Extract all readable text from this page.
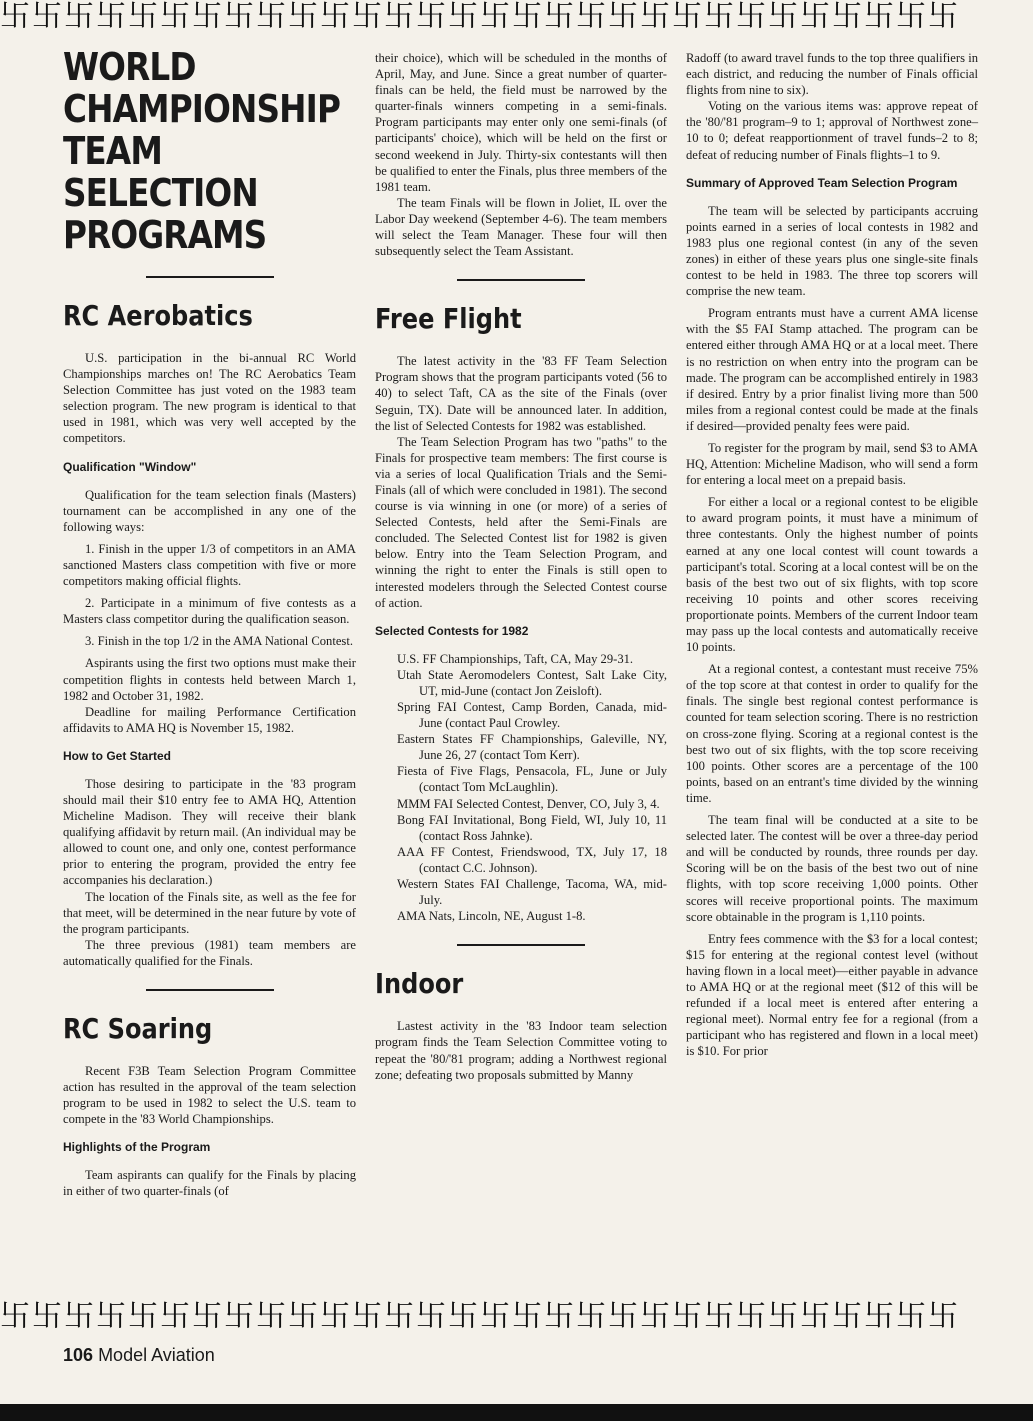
卐卐卐卐卐卐卐卐卐卐卐卐卐卐卐卐卐卐卐卐卐卐卐卐卐卐卐卐卐卐
WORLD CHAMPIONSHIP TEAM SELECTION PROGRAMS
RC Aerobatics

U.S. participation in the bi-annual RC World Championships marches on! The RC Aerobatics Team Selection Committee has just voted on the 1983 team selection program. The new program is identical to that used in 1981, which was very well accepted by the competitors.

Qualification "Window"

Qualification for the team selection finals (Masters) tournament can be accomplished in any one of the following ways:

1. Finish in the upper 1/3 of competitors in an AMA sanctioned Masters class competition with five or more competitors making official flights.

2. Participate in a minimum of five contests as a Masters class competitor during the qualification season.

3. Finish in the top 1/2 in the AMA National Contest.

Aspirants using the first two options must make their competition flights in contests held between March 1, 1982 and October 31, 1982.

Deadline for mailing Performance Certification affidavits to AMA HQ is November 15, 1982.

How to Get Started

Those desiring to participate in the '83 program should mail their $10 entry fee to AMA HQ, Attention Micheline Madison. They will receive their blank qualifying affidavit by return mail. (An individual may be allowed to count one, and only one, contest performance prior to entering the program, provided the entry fee accompanies his declaration.)

The location of the Finals site, as well as the fee for that meet, will be determined in the near future by vote of the program participants.

The three previous (1981) team members are automatically qualified for the Finals.

RC Soaring

Recent F3B Team Selection Program Committee action has resulted in the approval of the team selection program to be used in 1982 to select the U.S. team to compete in the '83 World Championships.

Highlights of the Program

Team aspirants can qualify for the Finals by placing in either of two quarter-finals (of

their choice), which will be scheduled in the months of April, May, and June. Since a great number of quarter-finals can be held, the field must be narrowed by the quarter-finals winners competing in a semi-finals. Program participants may enter only one semi-finals (of participants' choice), which will be held on the first or second weekend in July. Thirty-six contestants will then be qualified to enter the Finals, plus three members of the 1981 team.

The team Finals will be flown in Joliet, IL over the Labor Day weekend (September 4-6). The team members will select the Team Manager. These four will then subsequently select the Team Assistant.

Free Flight

The latest activity in the '83 FF Team Selection Program shows that the program participants voted (56 to 40) to select Taft, CA as the site of the Finals (over Seguin, TX). Date will be announced later. In addition, the list of Selected Contests for 1982 was established.

The Team Selection Program has two "paths" to the Finals for prospective team members: The first course is via a series of local Qualification Trials and the Semi-Finals (all of which were concluded in 1981). The second course is via winning in one (or more) of a series of Selected Contests, held after the Semi-Finals are concluded. The Selected Contest list for 1982 is given below. Entry into the Team Selection Program, and winning the right to enter the Finals is still open to interested modelers through the Selected Contest course of action.

Selected Contests for 1982
U.S. FF Championships, Taft, CA, May 29-31.
Utah State Aeromodelers Contest, Salt Lake City, UT, mid-June (contact Jon Zeisloft).
Spring FAI Contest, Camp Borden, Canada, mid-June (contact Paul Crowley.
Eastern States FF Championships, Galeville, NY, June 26, 27 (contact Tom Kerr).
Fiesta of Five Flags, Pensacola, FL, June or July (contact Tom McLaughlin).
MMM FAI Selected Contest, Denver, CO, July 3, 4.
Bong FAI Invitational, Bong Field, WI, July 10, 11 (contact Ross Jahnke).
AAA FF Contest, Friendswood, TX, July 17, 18 (contact C.C. Johnson).
Western States FAI Challenge, Tacoma, WA, mid-July.
AMA Nats, Lincoln, NE, August 1-8.
Indoor

Lastest activity in the '83 Indoor team selection program finds the Team Selection Committee voting to repeat the '80/'81 program; adding a Northwest regional zone; defeating two proposals submitted by Manny

Radoff (to award travel funds to the top three qualifiers in each district, and reducing the number of Finals official flights from nine to six).

Voting on the various items was: approve repeat of the '80/'81 program–9 to 1; approval of Northwest zone–10 to 0; defeat reapportionment of travel funds–2 to 8; defeat of reducing number of Finals flights–1 to 9.

Summary of Approved Team Selection Program

The team will be selected by participants accruing points earned in a series of local contests in 1982 and 1983 plus one regional contest (in any of the seven zones) in either of these years plus one single-site finals contest to be held in 1983. The three top scorers will comprise the new team.

Program entrants must have a current AMA license with the $5 FAI Stamp attached. The program can be entered either through AMA HQ or at a local meet. There is no restriction on when entry into the program can be made. The program can be accomplished entirely in 1983 if desired. Entry by a prior finalist living more than 500 miles from a regional contest could be made at the finals if desired—provided penalty fees were paid.

To register for the program by mail, send $3 to AMA HQ, Attention: Micheline Madison, who will send a form for entering a local meet on a prepaid basis.

For either a local or a regional contest to be eligible to award program points, it must have a minimum of three contestants. Only the highest number of points earned at any one local contest will count towards a participant's total. Scoring at a local contest will be on the basis of the best two out of six flights, with top score receiving 10 points and other scores receiving proportionate points. Members of the current Indoor team may pass up the local contests and automatically receive 10 points.

At a regional contest, a contestant must receive 75% of the top score at that contest in order to qualify for the finals. The single best regional contest performance is counted for team selection scoring. There is no restriction on cross-zone flying. Scoring at a regional contest is the best two out of six flights, with the top score receiving 100 points. Other scores are a percentage of the 100 points, based on an entrant's time divided by the winning time.

The team final will be conducted at a site to be selected later. The contest will be over a three-day period and will be conducted by rounds, three rounds per day. Scoring will be on the basis of the best two out of nine flights, with top score receiving 1,000 points. Other scores will receive proportional points. The maximum score obtainable in the program is 1,110 points.

Entry fees commence with the $3 for a local contest; $15 for entering at the regional contest level (without having flown in a local meet)—either payable in advance to AMA HQ or at the regional meet ($12 of this will be refunded if a local meet is entered after entering a regional meet). Normal entry fee for a regional (from a participant who has registered and flown in a local meet) is $10. For prior

卐卐卐卐卐卐卐卐卐卐卐卐卐卐卐卐卐卐卐卐卐卐卐卐卐卐卐卐卐卐
106 Model Aviation
